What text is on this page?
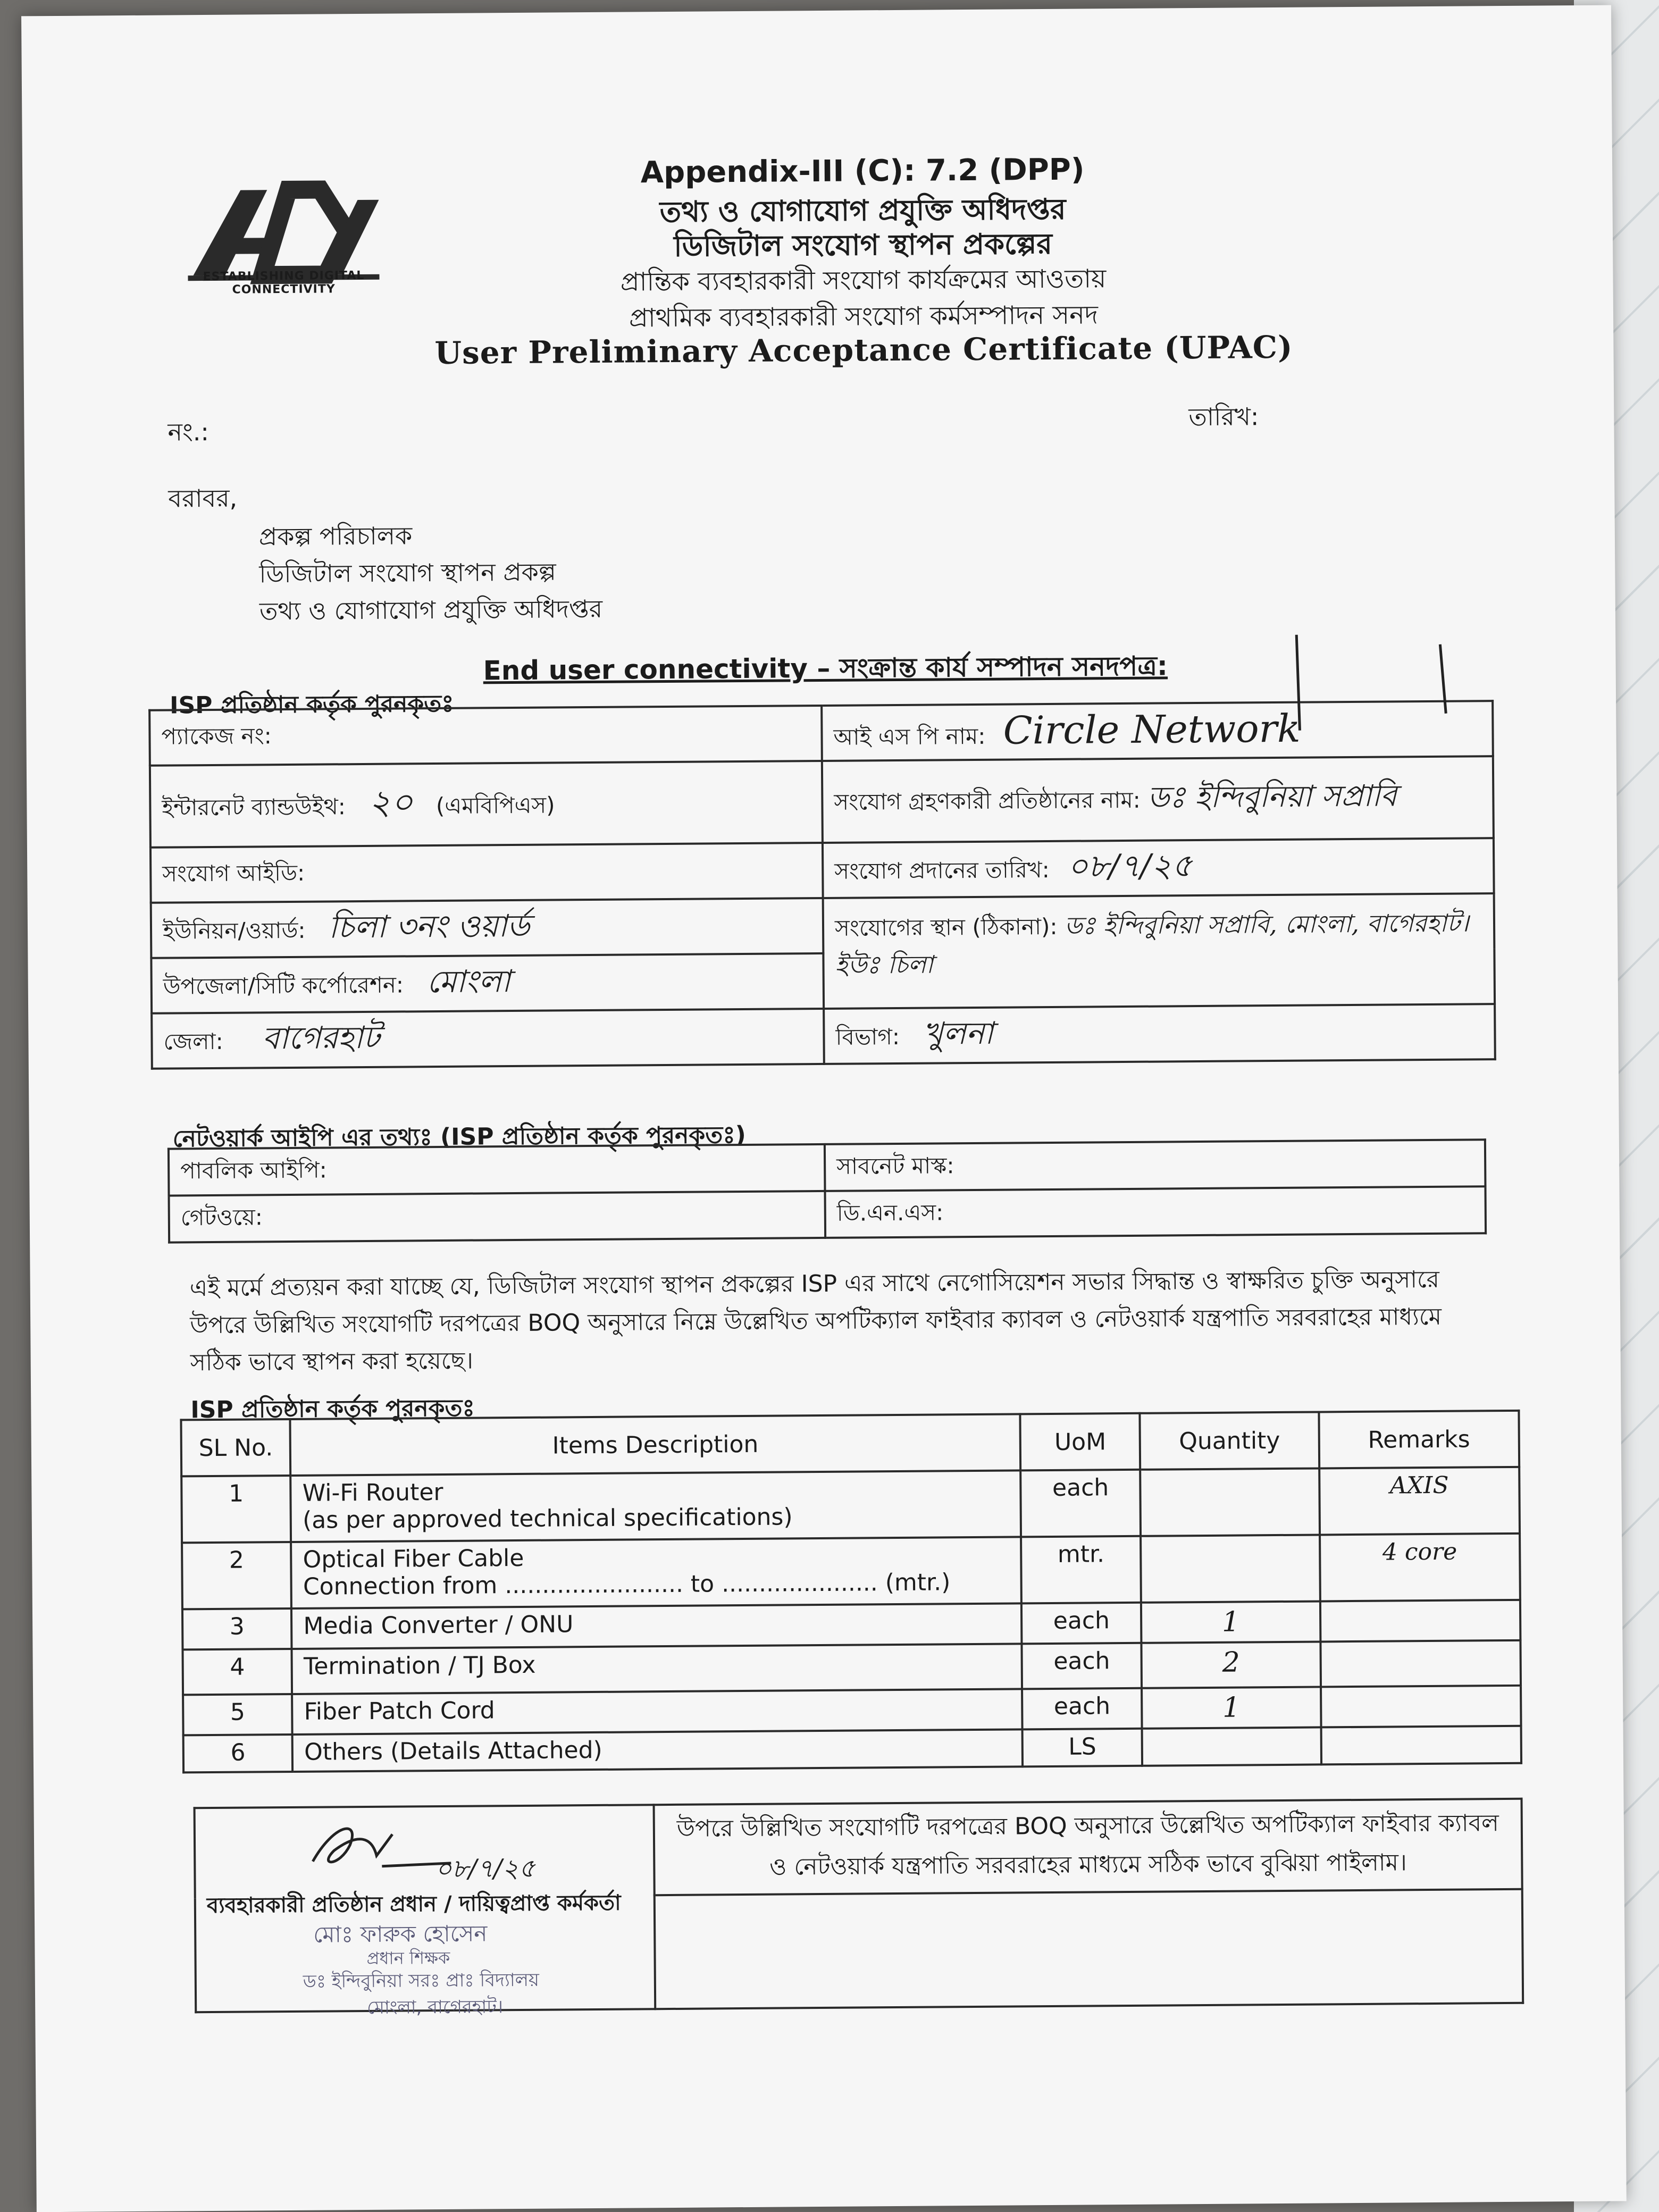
ESTABLISHING DIGITAL CONNECTIVITY
Appendix-III (C): 7.2 (DPP)
তথ্য ও যোগাযোগ প্রযুক্তি অধিদপ্তর
ডিজিটাল সংযোগ স্থাপন প্রকল্পের
প্রান্তিক ব্যবহারকারী সংযোগ কার্যক্রমের আওতায়
প্রাথমিক ব্যবহারকারী সংযোগ কর্মসম্পাদন সনদ
User Preliminary Acceptance Certificate (UPAC)
নং.:
তারিখ:
বরাবর,
প্রকল্প পরিচালক
ডিজিটাল সংযোগ স্থাপন প্রকল্প
তথ্য ও যোগাযোগ প্রযুক্তি অধিদপ্তর
End user connectivity – সংক্রান্ত কার্য সম্পাদন সনদপত্র:
ISP প্রতিষ্ঠান কর্তৃক পুরনকৃতঃ
প্যাকেজ নং:	আই এস পি নাম: Circle Network
ইন্টারনেট ব্যান্ডউইথ: ২০ (এমবিপিএস)	সংযোগ গ্রহণকারী প্রতিষ্ঠানের নাম: ডঃ ইন্দিবুনিয়া সপ্রাবি
সংযোগ আইডি:	সংযোগ প্রদানের তারিখ: ০৮/৭/২৫
ইউনিয়ন/ওয়ার্ড: চিলা ৩নং ওয়ার্ড	সংযোগের স্থান (ঠিকানা): ডঃ ইন্দিবুনিয়া সপ্রাবি, মোংলা, বাগেরহাট। ইউঃ চিলা
উপজেলা/সিটি কর্পোরেশন: মোংলা	
জেলা: বাগেরহাট	বিভাগ: খুলনা
নেটওয়ার্ক আইপি এর তথ্যঃ (ISP প্রতিষ্ঠান কর্তৃক পুরনকৃতঃ)
পাবলিক আইপি:	সাবনেট মাস্ক:
গেটওয়ে:	ডি.এন.এস:
এই মর্মে প্রত্যয়ন করা যাচ্ছে যে, ডিজিটাল সংযোগ স্থাপন প্রকল্পের ISP এর সাথে নেগোসিয়েশন সভার সিদ্ধান্ত ও স্বাক্ষরিত চুক্তি অনুসারে উপরে উল্লিখিত সংযোগটি দরপত্রের BOQ অনুসারে নিম্নে উল্লেখিত অপটিক্যাল ফাইবার ক্যাবল ও নেটওয়ার্ক যন্ত্রপাতি সরবরাহের মাধ্যমে সঠিক ভাবে স্থাপন করা হয়েছে।
ISP প্রতিষ্ঠান কর্তৃক পুরনকৃতঃ
SL No.	Items Description	UoM	Quantity	Remarks
1	Wi-Fi Router
(as per approved technical specifications)	each		AXIS
2	Optical Fiber Cable
Connection from ........................ to ..................... (mtr.)	mtr.		4 core
3	Media Converter / ONU	each	1	
4	Termination / TJ Box	each	2	
5	Fiber Patch Cord	each	1	
6	Others (Details Attached)	LS		
০৮/৭/২৫
ব্যবহারকারী প্রতিষ্ঠান প্রধান / দায়িত্বপ্রাপ্ত কর্মকর্তা
মোঃ ফারুক হোসেন
প্রধান শিক্ষক
ডঃ ইন্দিবুনিয়া সরঃ প্রাঃ বিদ্যালয়
মোংলা, বাগেরহাট।
	উপরে উল্লিখিত সংযোগটি দরপত্রের BOQ অনুসারে উল্লেখিত অপটিক্যাল ফাইবার ক্যাবল ও নেটওয়ার্ক যন্ত্রপাতি সরবরাহের মাধ্যমে সঠিক ভাবে বুঝিয়া পাইলাম।
